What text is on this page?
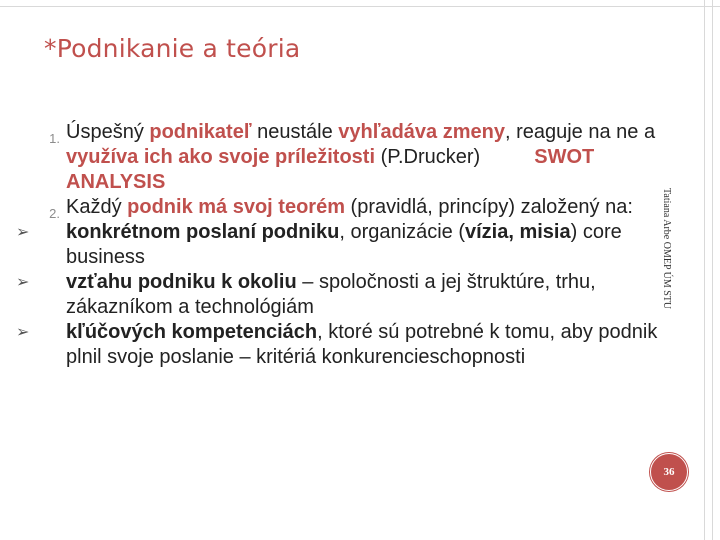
*Podnikanie a teória
1. Úspešný podnikateľ neustále vyhľadáva zmeny, reaguje na ne a využíva ich ako svoje príležitosti (P.Drucker)	SWOT ANALYSIS
2. Každý podnik má svoj teorém (pravidlá, princípy) založený na:
➢	konkrétnom poslaní podniku, organizácie (vízia, misia) core business
➢	vzťahu podniku k okoliu – spoločnosti a jej štruktúre, trhu, zákazníkom a technológiám
➢	kľúčových kompetenciách, ktoré sú potrebné k tomu, aby podnik plnil svoje poslanie – kritériá konkurencieschopnosti
Tatiana Arbe OMEP ÚM STU
36
